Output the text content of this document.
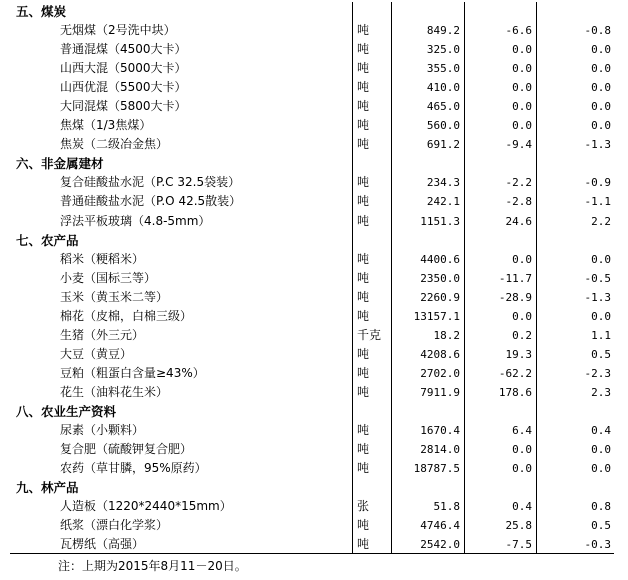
五、煤炭
无烟煤（2号洗中块）	吨	849.2	-6.6	-0.8
普通混煤（4500大卡）	吨	325.0	0.0	0.0
山西大混（5000大卡）	吨	355.0	0.0	0.0
山西优混（5500大卡）	吨	410.0	0.0	0.0
大同混煤（5800大卡）	吨	465.0	0.0	0.0
焦煤（1/3焦煤）	吨	560.0	0.0	0.0
焦炭（二级冶金焦）	吨	691.2	-9.4	-1.3
六、非金属建材
复合硅酸盐水泥（P.C 32.5袋装）	吨	234.3	-2.2	-0.9
普通硅酸盐水泥（P.O 42.5散装）	吨	242.1	-2.8	-1.1
浮法平板玻璃（4.8-5mm）	吨	1151.3	24.6	2.2
七、农产品
稻米（粳稻米）	吨	4400.6	0.0	0.0
小麦（国标三等）	吨	2350.0	-11.7	-0.5
玉米（黄玉米二等）	吨	2260.9	-28.9	-1.3
棉花（皮棉，白棉三级）	吨	13157.1	0.0	0.0
生猪（外三元）	千克	18.2	0.2	1.1
大豆（黄豆）	吨	4208.6	19.3	0.5
豆粕（粗蛋白含量≥43%）	吨	2702.0	-62.2	-2.3
花生（油料花生米）	吨	7911.9	178.6	2.3
八、农业生产资料
尿素（小颗料）	吨	1670.4	6.4	0.4
复合肥（硫酸钾复合肥）	吨	2814.0	0.0	0.0
农药（草甘膦，95%原药）	吨	18787.5	0.0	0.0
九、林产品
人造板（1220*2440*15mm）	张	51.8	0.4	0.8
纸浆（漂白化学浆）	吨	4746.4	25.8	0.5
瓦楞纸（高强）	吨	2542.0	-7.5	-0.3
注：上期为2015年8月11－20日。
